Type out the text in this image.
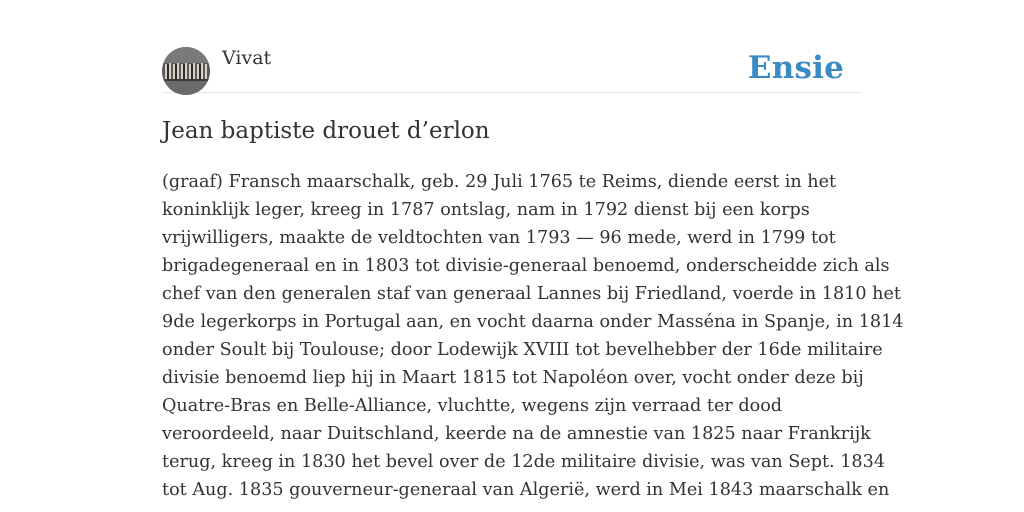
Vivat	Ensie
Jean baptiste drouet d’erlon

(graaf) Fransch maarschalk, geb. 29 Juli 1765 te Reims, diende eerst in het
koninklijk leger, kreeg in 1787 ontslag, nam in 1792 dienst bij een korps
vrijwilligers, maakte de veldtochten van 1793 — 96 mede, werd in 1799 tot
brigadegeneraal en in 1803 tot divisie-generaal benoemd, onderscheidde zich als
chef van den generalen staf van generaal Lannes bij Friedland, voerde in 1810 het
9de legerkorps in Portugal aan, en vocht daarna onder Masséna in Spanje, in 1814
onder Soult bij Toulouse; door Lodewijk XVIII tot bevelhebber der 16de militaire
divisie benoemd liep hij in Maart 1815 tot Napoléon over, vocht onder deze bij
Quatre-Bras en Belle-Alliance, vluchtte, wegens zijn verraad ter dood
veroordeeld, naar Duitschland, keerde na de amnestie van 1825 naar Frankrijk
terug, kreeg in 1830 het bevel over de 12de militaire divisie, was van Sept. 1834
tot Aug. 1835 gouverneur-generaal van Algerië, werd in Mei 1843 maarschalk en
